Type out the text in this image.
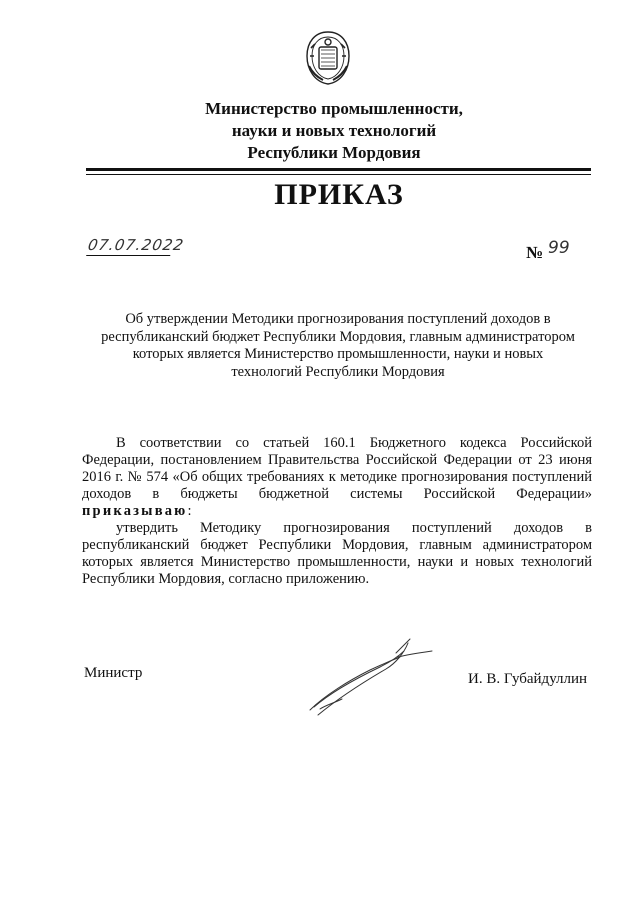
Министерство промышленности,
науки и новых технологий
Республики Мордовия
ПРИКАЗ
07.07.2022	№ 99
Об утверждении Методики прогнозирования поступлений доходов в
республиканский бюджет Республики Мордовия, главным администратором
которых является Министерство промышленности, науки и новых
технологий Республики Мордовия

В соответствии со статьей 160.1 Бюджетного кодекса Российской Федерации, постановлением Правительства Российской Федерации от 23 июня 2016 г. № 574 «Об общих требованиях к методике прогнозирования поступлений доходов в бюджеты бюджетной системы Российской Федерации» приказываю:

утвердить Методику прогнозирования поступлений доходов в республиканский бюджет Республики Мордовия, главным администратором которых является Министерство промышленности, науки и новых технологий Республики Мордовия, согласно приложению.

Министр	И. В. Губайдуллин
